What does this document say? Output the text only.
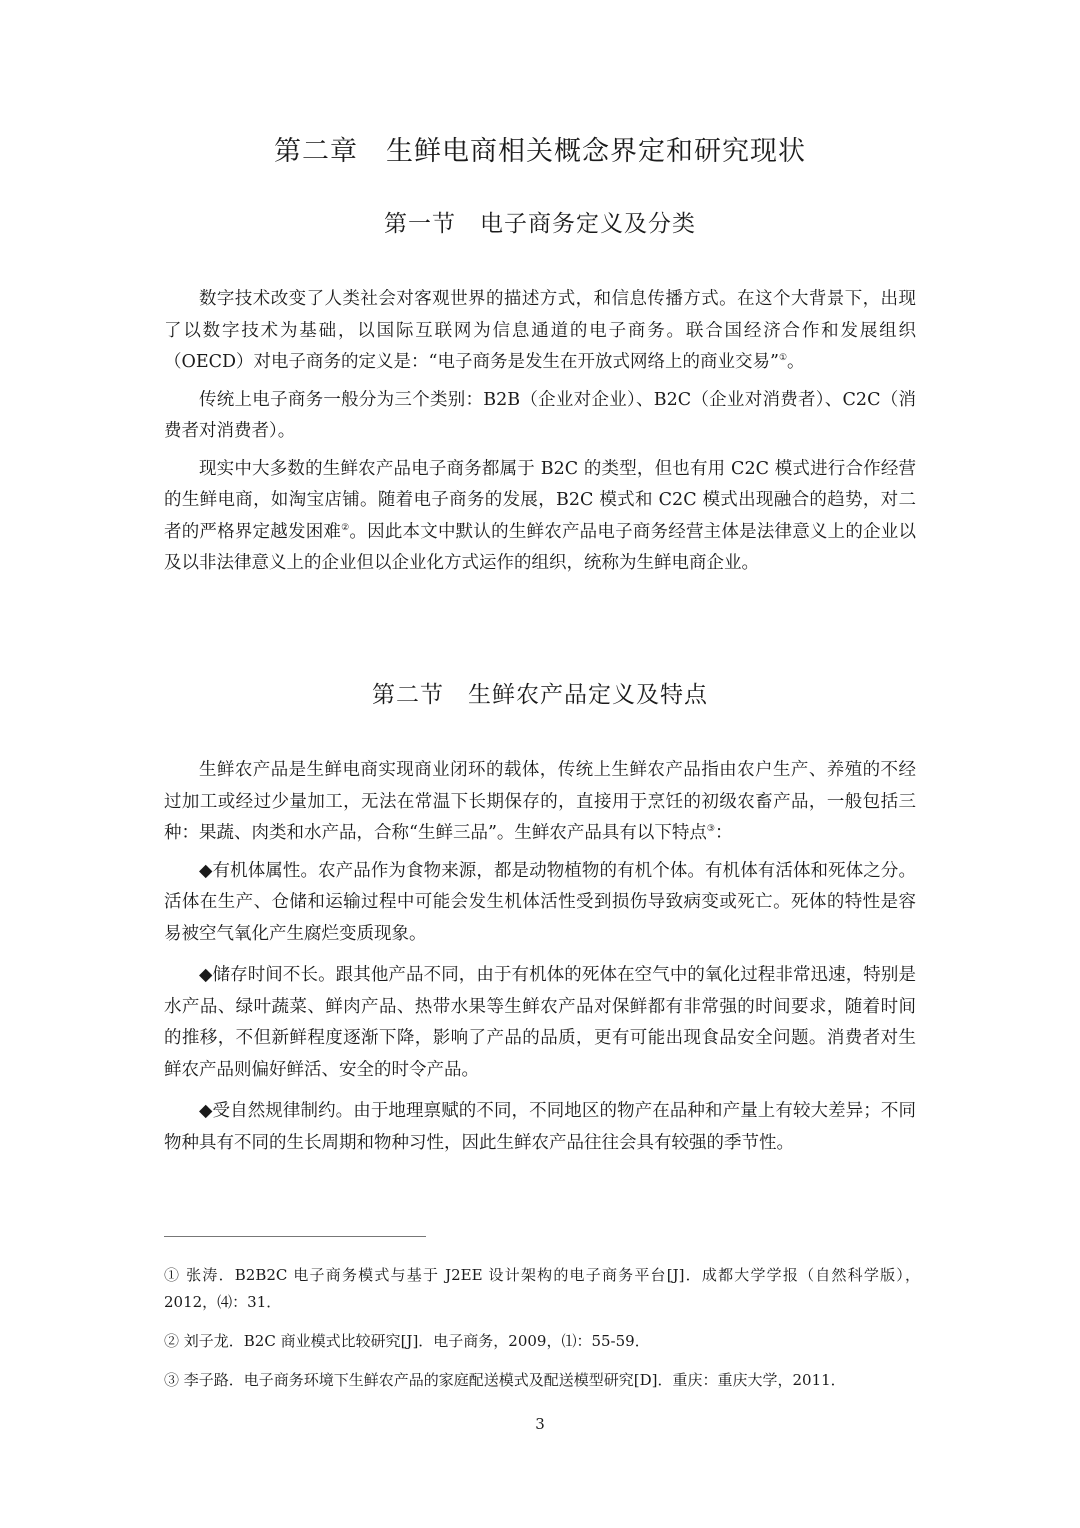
第二章　生鲜电商相关概念界定和研究现状
第一节　电子商务定义及分类

数字技术改变了人类社会对客观世界的描述方式，和信息传播方式。在这个大背景下，出现了以数字技术为基础，以国际互联网为信息通道的电子商务。联合国经济合作和发展组织（OECD）对电子商务的定义是：“电子商务是发生在开放式网络上的商业交易”①。

传统上电子商务一般分为三个类别：B2B（企业对企业）、B2C（企业对消费者）、C2C（消费者对消费者）。

现实中大多数的生鲜农产品电子商务都属于 B2C 的类型，但也有用 C2C 模式进行合作经营的生鲜电商，如淘宝店铺。随着电子商务的发展，B2C 模式和 C2C 模式出现融合的趋势，对二者的严格界定越发困难②。因此本文中默认的生鲜农产品电子商务经营主体是法律意义上的企业以及以非法律意义上的企业但以企业化方式运作的组织，统称为生鲜电商企业。

第二节　生鲜农产品定义及特点

生鲜农产品是生鲜电商实现商业闭环的载体，传统上生鲜农产品指由农户生产、养殖的不经过加工或经过少量加工，无法在常温下长期保存的，直接用于烹饪的初级农畜产品，一般包括三种：果蔬、肉类和水产品，合称“生鲜三品”。生鲜农产品具有以下特点③：

◆有机体属性。农产品作为食物来源，都是动物植物的有机个体。有机体有活体和死体之分。活体在生产、仓储和运输过程中可能会发生机体活性受到损伤导致病变或死亡。死体的特性是容易被空气氧化产生腐烂变质现象。

◆储存时间不长。跟其他产品不同，由于有机体的死体在空气中的氧化过程非常迅速，特别是水产品、绿叶蔬菜、鲜肉产品、热带水果等生鲜农产品对保鲜都有非常强的时间要求，随着时间的推移，不但新鲜程度逐渐下降，影响了产品的品质，更有可能出现食品安全问题。消费者对生鲜农产品则偏好鲜活、安全的时令产品。

◆受自然规律制约。由于地理禀赋的不同，不同地区的物产在品种和产量上有较大差异；不同物种具有不同的生长周期和物种习性，因此生鲜农产品往往会具有较强的季节性。

① 张涛．B2B2C 电子商务模式与基于 J2EE 设计架构的电子商务平台[J]．成都大学学报（自然科学版），2012，⑷：31．

② 刘子龙．B2C 商业模式比较研究[J]．电子商务，2009，⑴：55-59．

③ 李子路．电子商务环境下生鲜农产品的家庭配送模式及配送模型研究[D]．重庆：重庆大学，2011．

3
